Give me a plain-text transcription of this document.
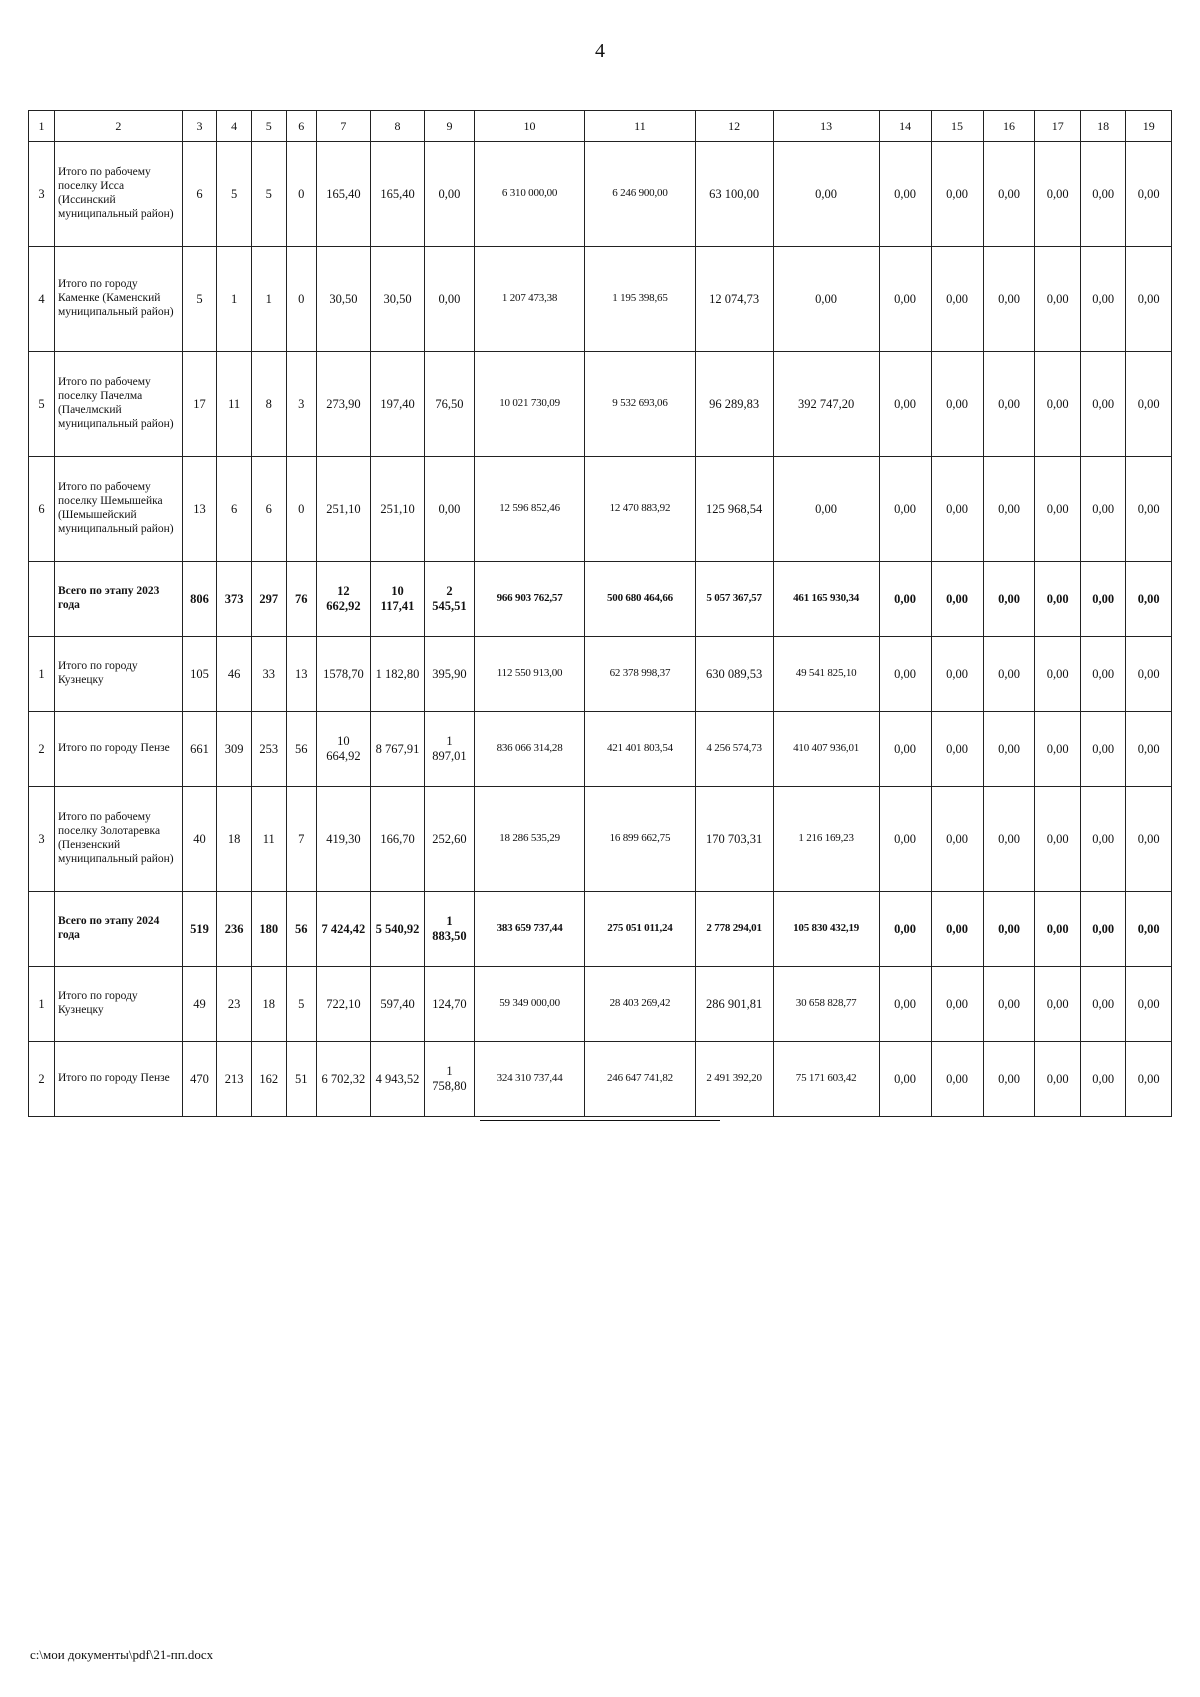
4
1	2	3	4	5	6	7	8	9	10	11	12	13	14	15	16	17	18	19
3	Итого по рабочему поселку Исса (Иссинский муниципальный район)	6	5	5	0	165,40	165,40	0,00	6 310 000,00	6 246 900,00	63 100,00	0,00	0,00	0,00	0,00	0,00	0,00	0,00
4	Итого по городу Каменке (Каменский муниципальный район)	5	1	1	0	30,50	30,50	0,00	1 207 473,38	1 195 398,65	12 074,73	0,00	0,00	0,00	0,00	0,00	0,00	0,00
5	Итого по рабочему поселку Пачелма (Пачелмский муниципальный район)	17	11	8	3	273,90	197,40	76,50	10 021 730,09	9 532 693,06	96 289,83	392 747,20	0,00	0,00	0,00	0,00	0,00	0,00
6	Итого по рабочему поселку Шемышейка (Шемышейский муниципальный район)	13	6	6	0	251,10	251,10	0,00	12 596 852,46	12 470 883,92	125 968,54	0,00	0,00	0,00	0,00	0,00	0,00	0,00
	Всего по этапу 2023 года	806	373	297	76	12 662,92	10 117,41	2 545,51	966 903 762,57	500 680 464,66	5 057 367,57	461 165 930,34	0,00	0,00	0,00	0,00	0,00	0,00
1	Итого по городу Кузнецку	105	46	33	13	1578,70	1 182,80	395,90	112 550 913,00	62 378 998,37	630 089,53	49 541 825,10	0,00	0,00	0,00	0,00	0,00	0,00
2	Итого по городу Пензе	661	309	253	56	10 664,92	8 767,91	1 897,01	836 066 314,28	421 401 803,54	4 256 574,73	410 407 936,01	0,00	0,00	0,00	0,00	0,00	0,00
3	Итого по рабочему поселку Золотаревка (Пензенский муниципальный район)	40	18	11	7	419,30	166,70	252,60	18 286 535,29	16 899 662,75	170 703,31	1 216 169,23	0,00	0,00	0,00	0,00	0,00	0,00
	Всего по этапу 2024 года	519	236	180	56	7 424,42	5 540,92	1 883,50	383 659 737,44	275 051 011,24	2 778 294,01	105 830 432,19	0,00	0,00	0,00	0,00	0,00	0,00
1	Итого по городу Кузнецку	49	23	18	5	722,10	597,40	124,70	59 349 000,00	28 403 269,42	286 901,81	30 658 828,77	0,00	0,00	0,00	0,00	0,00	0,00
2	Итого по городу Пензе	470	213	162	51	6 702,32	4 943,52	1 758,80	324 310 737,44	246 647 741,82	2 491 392,20	75 171 603,42	0,00	0,00	0,00	0,00	0,00	0,00
c:\мои документы\pdf\21-пп.docx
